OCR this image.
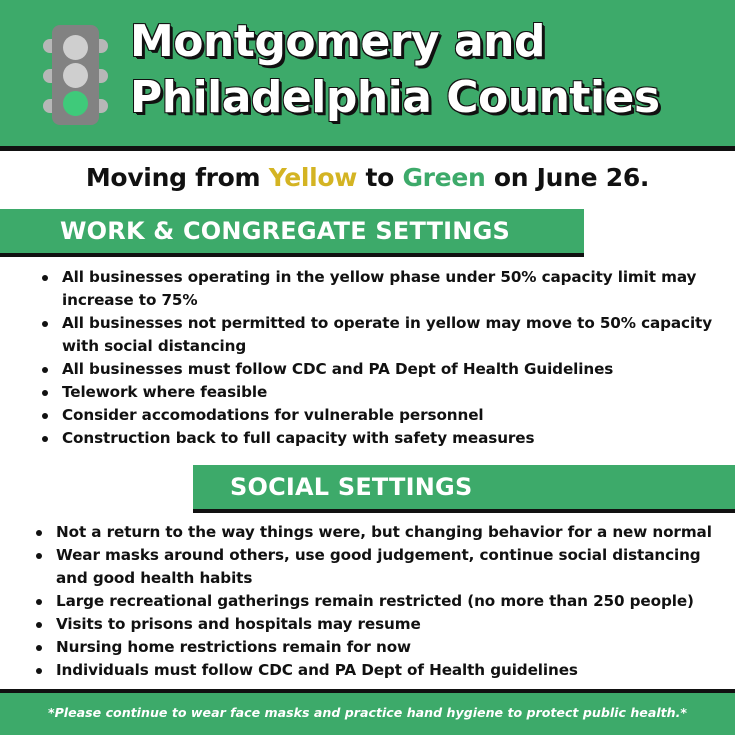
Montgomery and
Philadelphia Counties
Moving from Yellow to Green on June 26.
WORK & CONGREGATE SETTINGS
All businesses operating in the yellow phase under 50% capacity limit may increase to 75%
All businesses not permitted to operate in yellow may move to 50% capacity with social distancing
All businesses must follow CDC and PA Dept of Health Guidelines
Telework where feasible
Consider accomodations for vulnerable personnel
Construction back to full capacity with safety measures
SOCIAL SETTINGS
Not a return to the way things were, but changing behavior for a new normal
Wear masks around others, use good judgement, continue social distancing and good health habits
Large recreational gatherings remain restricted (no more than 250 people)
Visits to prisons and hospitals may resume
Nursing home restrictions remain for now
Individuals must follow CDC and PA Dept of Health guidelines
*Please continue to wear face masks and practice hand hygiene to protect public health.*
